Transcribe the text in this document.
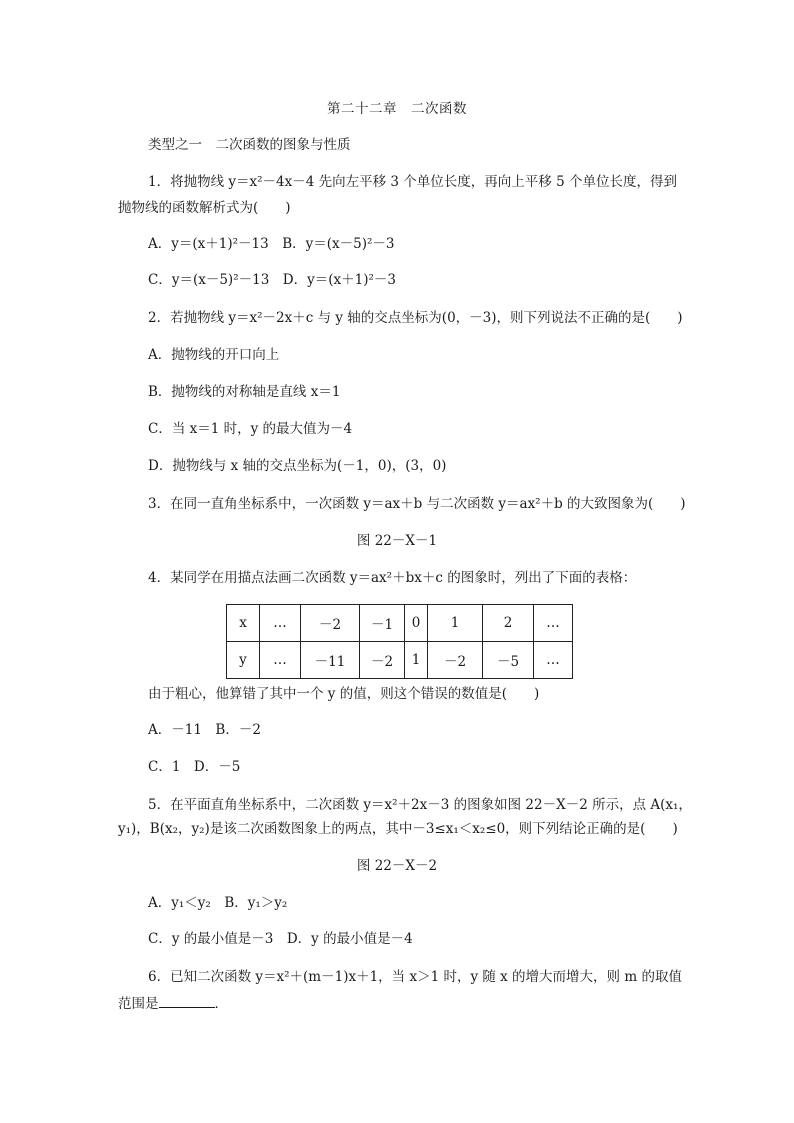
第二十二章　二次函数
类型之一　二次函数的图象与性质
1．将抛物线 y＝x²－4x－4 先向左平移 3 个单位长度，再向上平移 5 个单位长度，得到
抛物线的函数解析式为(　　)
A．y＝(x＋1)²－13　B．y＝(x－5)²－3
C．y＝(x－5)²－13　D．y＝(x＋1)²－3
2．若抛物线 y＝x²－2x＋c 与 y 轴的交点坐标为(0，－3)，则下列说法不正确的是(　　)
A．抛物线的开口向上
B．抛物线的对称轴是直线 x＝1
C．当 x＝1 时，y 的最大值为－4
D．抛物线与 x 轴的交点坐标为(－1，0)，(3，0)
3．在同一直角坐标系中，一次函数 y＝ax＋b 与二次函数 y＝ax²＋b 的大致图象为(　　)
图 22－X－1
4．某同学在用描点法画二次函数 y＝ax²＋bx＋c 的图象时，列出了下面的表格：
x	…	－2	－1	0	1	2	…
y	…	－11	－2	1	－2	－5	…
由于粗心，他算错了其中一个 y 的值，则这个错误的数值是(　　)
A．－11　B．－2
C．1　D．－5
5．在平面直角坐标系中，二次函数 y＝x²＋2x－3 的图象如图 22－X－2 所示，点 A(x₁，
y₁)，B(x₂，y₂)是该二次函数图象上的两点，其中－3≤x₁＜x₂≤0，则下列结论正确的是(　　)
图 22－X－2
A．y₁＜y₂　B．y₁＞y₂
C．y 的最小值是－3　D．y 的最小值是－4
6．已知二次函数 y＝x²＋(m－1)x＋1，当 x＞1 时，y 随 x 的增大而增大，则 m 的取值
范围是	．
